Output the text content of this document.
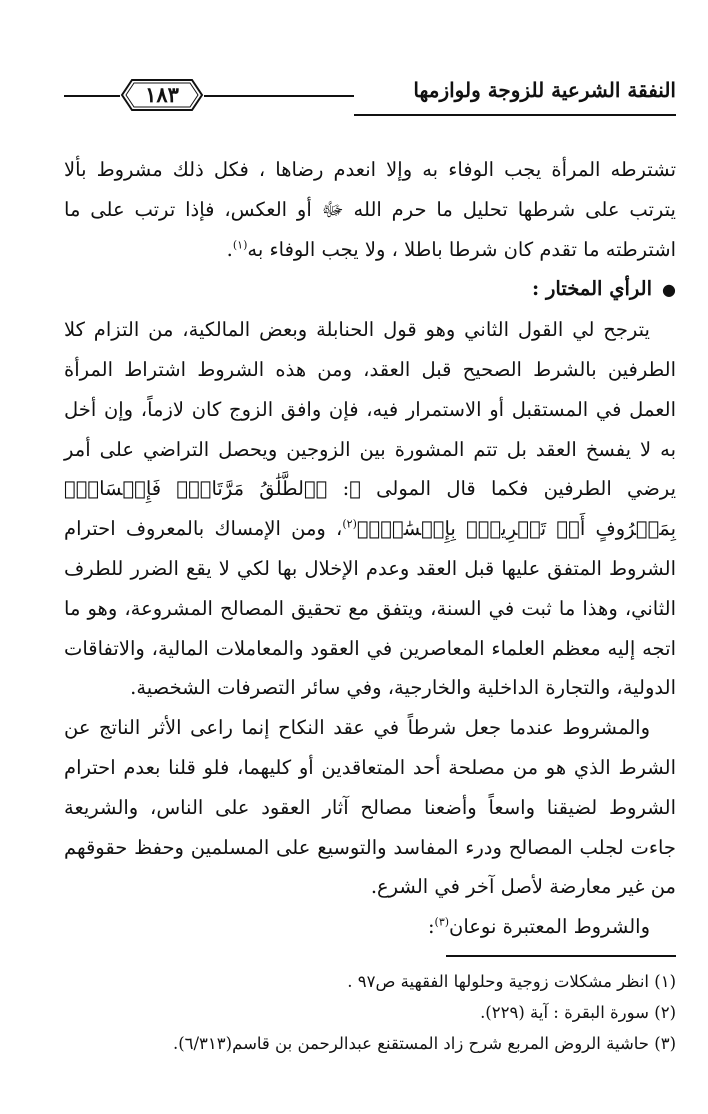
النفقة الشرعية للزوجة ولوازمها
١٨٣

تشترطه المرأة يجب الوفاء به وإلا انعدم رضاها ، فكل ذلك مشروط بألا يترتب على شرطها تحليل ما حرم الله ﷻ أو العكس، فإذا ترتب على ما اشترطته ما تقدم كان شرطا باطلا ، ولا يجب الوفاء به$^{(١)}$.

●الرأي المختار :

يترجح لي القول الثاني وهو قول الحنابلة وبعض المالكية، من التزام كلا الطرفين بالشرط الصحيح قبل العقد، ومن هذه الشروط اشتراط المرأة العمل في المستقبل أو الاستمرار فيه، فإن وافق الزوج كان لازماً، وإن أخل به لا يفسخ العقد بل تتم المشورة بين الزوجين ويحصل التراضي على أمر يرضي الطرفين فكما قال المولى ﷻ: ﴿ٱلطَّلَٰقُ مَرَّتَانِۖ فَإِمۡسَاكُۢ بِمَعۡرُوفٍ أَوۡ تَسۡرِيحُۢ بِإِحۡسَٰنٖۗ﴾$^{(٢)}$، ومن الإمساك بالمعروف احترام الشروط المتفق عليها قبل العقد وعدم الإخلال بها لكي لا يقع الضرر للطرف الثاني، وهذا ما ثبت في السنة، ويتفق مع تحقيق المصالح المشروعة، وهو ما اتجه إليه معظم العلماء المعاصرين في العقود والمعاملات المالية، والاتفاقات الدولية، والتجارة الداخلية والخارجية، وفي سائر التصرفات الشخصية.

والمشروط عندما جعل شرطاً في عقد النكاح إنما راعى الأثر الناتج عن الشرط الذي هو من مصلحة أحد المتعاقدين أو كليهما، فلو قلنا بعدم احترام الشروط لضيقنا واسعاً وأضعنا مصالح آثار العقود على الناس، والشريعة جاءت لجلب المصالح ودرء المفاسد والتوسيع على المسلمين وحفظ حقوقهم من غير معارضة لأصل آخر في الشرع.

والشروط المعتبرة نوعان$^{(٣)}$:

(١) انظر مشكلات زوجية وحلولها الفقهية ص٩٧ .

(٢) سورة البقرة : آية (٢٢٩).

(٣) حاشية الروض المربع شرح زاد المستقنع عبدالرحمن بن قاسم(٦/٣١٣).
